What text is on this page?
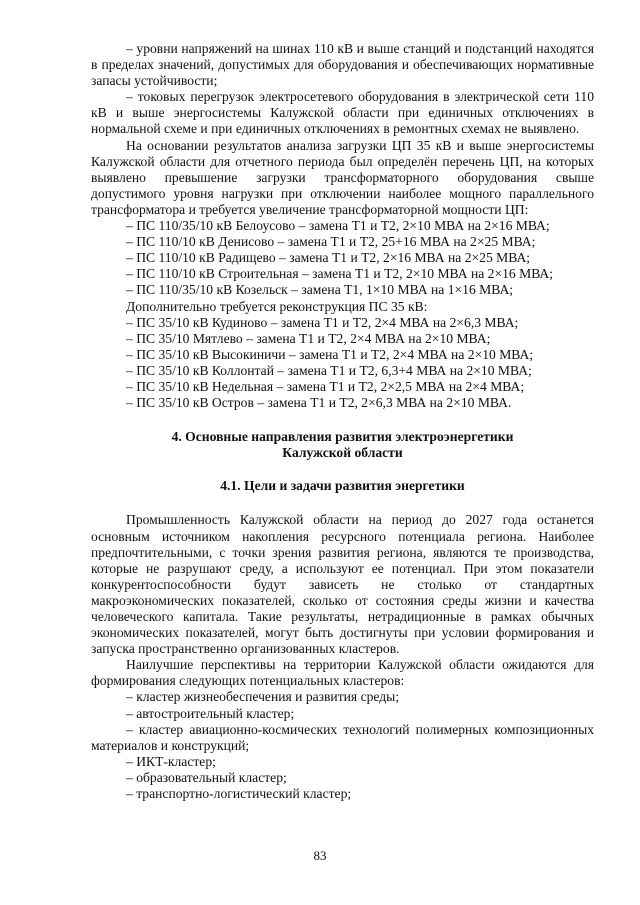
– уровни напряжений на шинах 110 кВ и выше станций и подстанций находятся в пределах значений, допустимых для оборудования и обеспечивающих нормативные запасы устойчивости;

– токовых перегрузок электросетевого оборудования в электрической сети 110 кВ и выше энергосистемы Калужской области при единичных отключениях в нормальной схеме и при единичных отключениях в ремонтных схемах не выявлено.

На основании результатов анализа загрузки ЦП 35 кВ и выше энергосистемы Калужской области для отчетного периода был определён перечень ЦП, на которых выявлено превышение загрузки трансформаторного оборудования свыше допустимого уровня нагрузки при отключении наиболее мощного параллельного трансформатора и требуется увеличение трансформаторной мощности ЦП:

– ПС 110/35/10 кВ Белоусово – замена Т1 и Т2, 2×10 МВА на 2×16 МВА;

– ПС 110/10 кВ Денисово – замена Т1 и Т2, 25+16 МВА на 2×25 МВА;

– ПС 110/10 кВ Радищево – замена Т1 и Т2, 2×16 МВА на 2×25 МВА;

– ПС 110/10 кВ Строительная – замена Т1 и Т2, 2×10 МВА на 2×16 МВА;

– ПС 110/35/10 кВ Козельск – замена Т1, 1×10 МВА на 1×16 МВА;

Дополнительно требуется реконструкция ПС 35 кВ:

– ПС 35/10 кВ Кудиново – замена Т1 и Т2, 2×4 МВА на 2×6,3 МВА;

– ПС 35/10 Мятлево – замена Т1 и Т2, 2×4 МВА на 2×10 МВА;

– ПС 35/10 кВ Высокиничи – замена Т1 и Т2, 2×4 МВА на 2×10 МВА;

– ПС 35/10 кВ Коллонтай – замена Т1 и Т2, 6,3+4 МВА на 2×10 МВА;

– ПС 35/10 кВ Недельная – замена Т1 и Т2, 2×2,5 МВА на 2×4 МВА;

– ПС 35/10 кВ Остров – замена Т1 и Т2, 2×6,3 МВА на 2×10 МВА.

4. Основные направления развития электроэнергетики

Калужской области

4.1. Цели и задачи развития энергетики

Промышленность Калужской области на период до 2027 года останется основным источником накопления ресурсного потенциала региона. Наиболее предпочтительными, с точки зрения развития региона, являются те производства, которые не разрушают среду, а используют ее потенциал. При этом показатели конкурентоспособности будут зависеть не столько от стандартных макроэкономических показателей, сколько от состояния среды жизни и качества человеческого капитала. Такие результаты, нетрадиционные в рамках обычных экономических показателей, могут быть достигнуты при условии формирования и запуска пространственно организованных кластеров.

Наилучшие перспективы на территории Калужской области ожидаются для формирования следующих потенциальных кластеров:

– кластер жизнеобеспечения и развития среды;

– автостроительный кластер;

– кластер авиационно-космических технологий полимерных композиционных материалов и конструкций;

– ИКТ-кластер;

– образовательный кластер;

– транспортно-логистический кластер;

83
